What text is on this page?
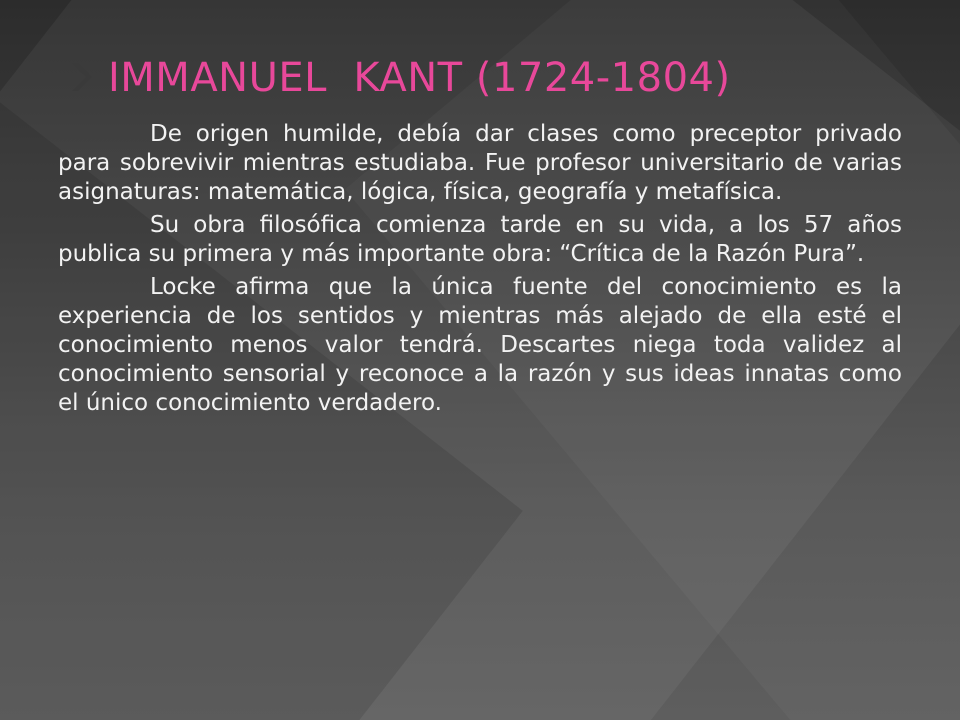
IMMANUEL  KANT (1724-1804)

De origen humilde, debía dar clases como preceptor privado para sobrevivir mientras estudiaba. Fue profesor universitario de varias asignaturas: matemática, lógica, física, geografía y metafísica.

Su obra filosófica comienza tarde en su vida, a los 57 años publica su primera y más importante obra: “Crítica de la Razón Pura”.

Locke afirma que la única fuente del conocimiento es la experiencia de los sentidos y mientras más alejado de ella esté el conocimiento menos valor tendrá. Descartes niega toda validez al conocimiento sensorial y reconoce a la razón y sus ideas innatas como el único conocimiento verdadero.
